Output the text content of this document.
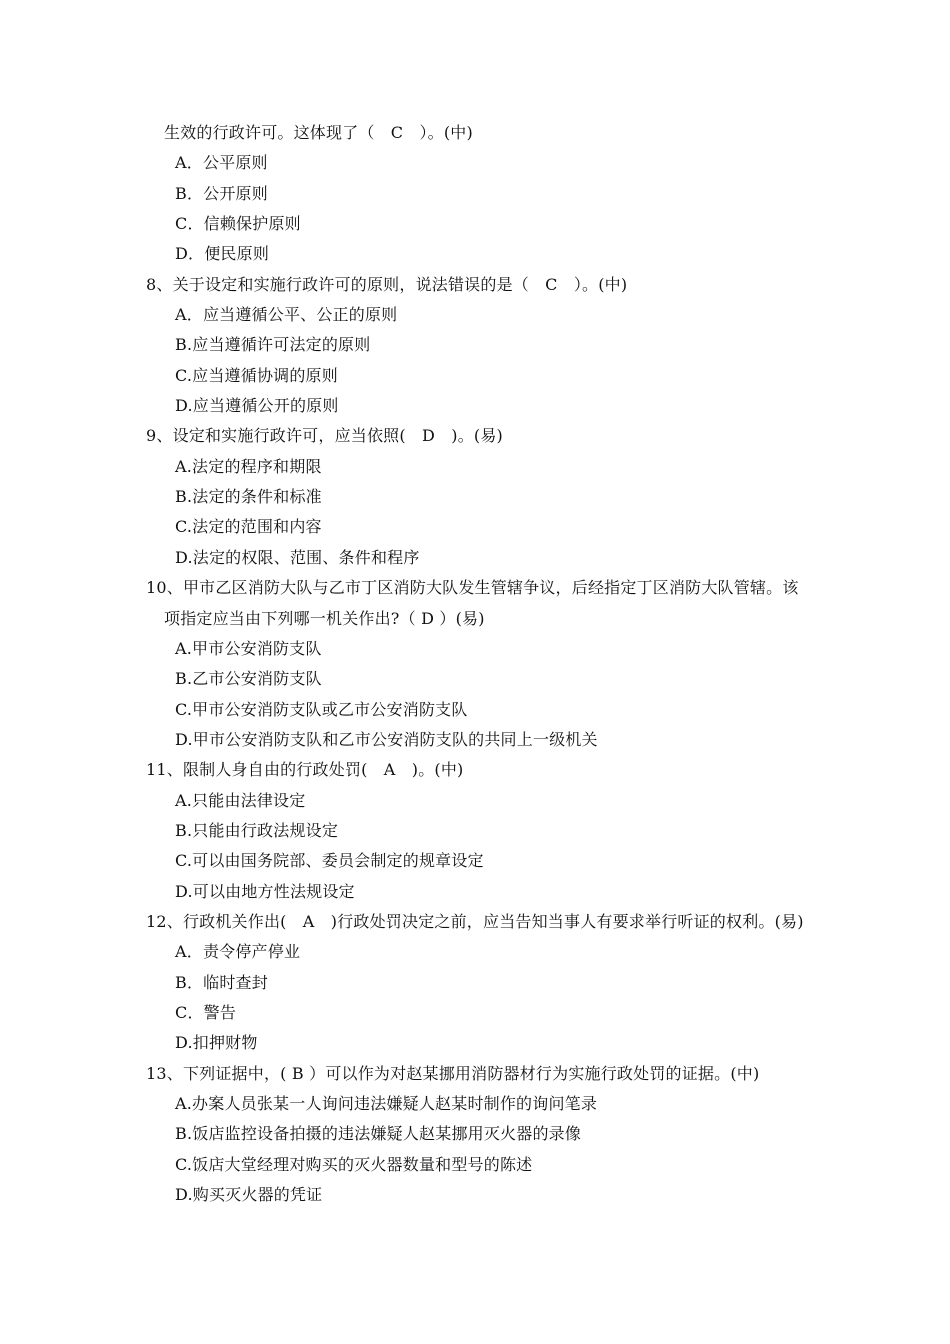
生效的行政许可。这体现了（　C　）。(中)
A．公平原则
B．公开原则
C．信赖保护原则
D．便民原则
8、关于设定和实施行政许可的原则，说法错误的是（　C　）。(中)
A．应当遵循公平、公正的原则
B.应当遵循许可法定的原则
C.应当遵循协调的原则
D.应当遵循公开的原则
9、设定和实施行政许可，应当依照(　D　)。(易)
A.法定的程序和期限
B.法定的条件和标准
C.法定的范围和内容
D.法定的权限、范围、条件和程序
10、甲市乙区消防大队与乙市丁区消防大队发生管辖争议，后经指定丁区消防大队管辖。该
项指定应当由下列哪一机关作出?（ D ）(易)
A.甲市公安消防支队
B.乙市公安消防支队
C.甲市公安消防支队或乙市公安消防支队
D.甲市公安消防支队和乙市公安消防支队的共同上一级机关
11、限制人身自由的行政处罚(　A　)。(中)
A.只能由法律设定
B.只能由行政法规设定
C.可以由国务院部、委员会制定的规章设定
D.可以由地方性法规设定
12、行政机关作出(　A　)行政处罚决定之前，应当告知当事人有要求举行听证的权利。(易)
A．责令停产停业
B．临时查封
C．警告
D.扣押财物
13、下列证据中，( B ）可以作为对赵某挪用消防器材行为实施行政处罚的证据。(中)
A.办案人员张某一人询问违法嫌疑人赵某时制作的询问笔录
B.饭店监控设备拍摄的违法嫌疑人赵某挪用灭火器的录像
C.饭店大堂经理对购买的灭火器数量和型号的陈述
D.购买灭火器的凭证
